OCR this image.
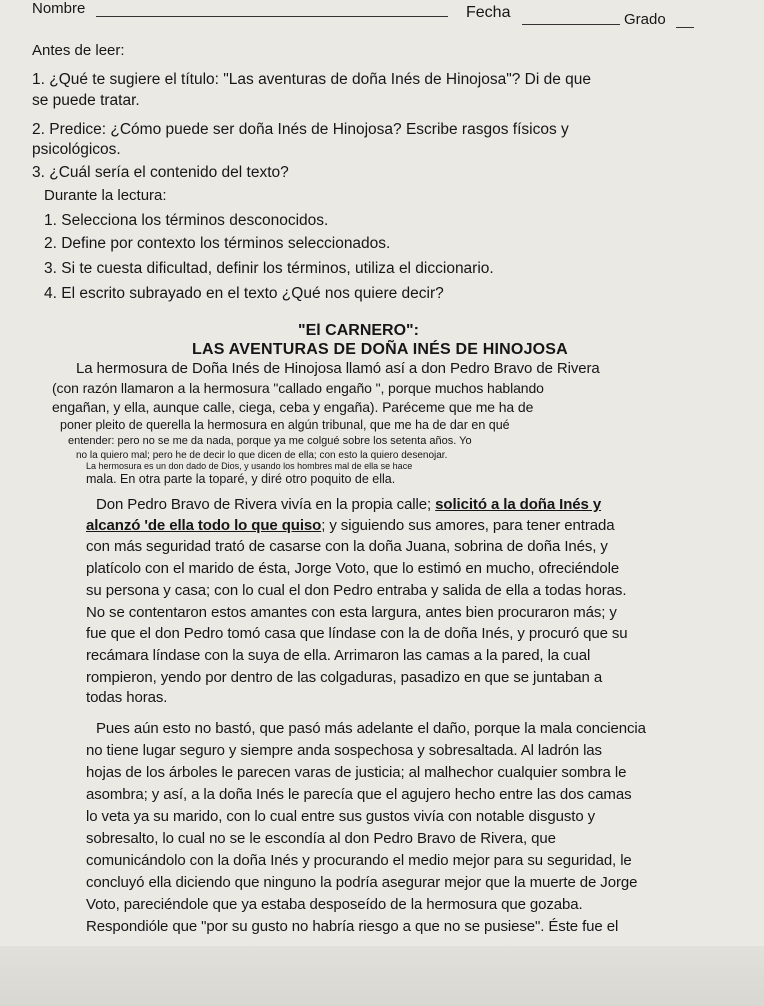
Nombre	Fecha	Grado

Antes de leer:

1. ¿Qué te sugiere el título: "Las aventuras de doña Inés de Hinojosa"? Di de que

se puede tratar.

2. Predice: ¿Cómo puede ser doña Inés de Hinojosa? Escribe rasgos físicos y

psicológicos.

3. ¿Cuál sería el contenido del texto?

Durante la lectura:

1. Selecciona los términos desconocidos.

2. Define por contexto los términos seleccionados.

3. Si te cuesta dificultad, definir los términos, utiliza el diccionario.

4. El escrito subrayado en el texto ¿Qué nos quiere decir?

"El CARNERO":

LAS AVENTURAS DE DOÑA INÉS DE HINOJOSA

La hermosura de Doña Inés de Hinojosa llamó así a don Pedro Bravo de Rivera

(con razón llamaron a la hermosura "callado engaño ", porque muchos hablando

engañan, y ella, aunque calle, ciega, ceba y engaña). Paréceme que me ha de

poner pleito de querella la hermosura en algún tribunal, que me ha de dar en qué

entender: pero no se me da nada, porque ya me colgué sobre los setenta años. Yo

no la quiero mal; pero he de decir lo que dicen de ella; con esto la quiero desenojar.

La hermosura es un don dado de Dios, y usando los hombres mal de ella se hace

mala. En otra parte la toparé, y diré otro poquito de ella.

Don Pedro Bravo de Rivera vivía en la propia calle; solicitó a la doña Inés y

alcanzó 'de ella todo lo que quiso; y siguiendo sus amores, para tener entrada

con más seguridad trató de casarse con la doña Juana, sobrina de doña Inés, y

platícolo con el marido de ésta, Jorge Voto, que lo estimó en mucho, ofreciéndole

su persona y casa; con lo cual el don Pedro entraba y salida de ella a todas horas.

No se contentaron estos amantes con esta largura, antes bien procuraron más; y

fue que el don Pedro tomó casa que líndase con la de doña Inés, y procuró que su

recámara líndase con la suya de ella. Arrimaron las camas a la pared, la cual

rompieron, yendo por dentro de las colgaduras, pasadizo en que se juntaban a

todas horas.

Pues aún esto no bastó, que pasó más adelante el daño, porque la mala conciencia

no tiene lugar seguro y siempre anda sospechosa y sobresaltada. Al ladrón las

hojas de los árboles le parecen varas de justicia; al malhechor cualquier sombra le

asombra; y así, a la doña Inés le parecía que el agujero hecho entre las dos camas

lo veta ya su marido, con lo cual entre sus gustos vivía con notable disgusto y

sobresalto, lo cual no se le escondía al don Pedro Bravo de Rivera, que

comunicándolo con la doña Inés y procurando el medio mejor para su seguridad, le

concluyó ella diciendo que ninguno la podría asegurar mejor que la muerte de Jorge

Voto, pareciéndole que ya estaba desposeído de la hermosura que gozaba.

Respondióle que "por su gusto no habría riesgo a que no se pusiese". Éste fue el
